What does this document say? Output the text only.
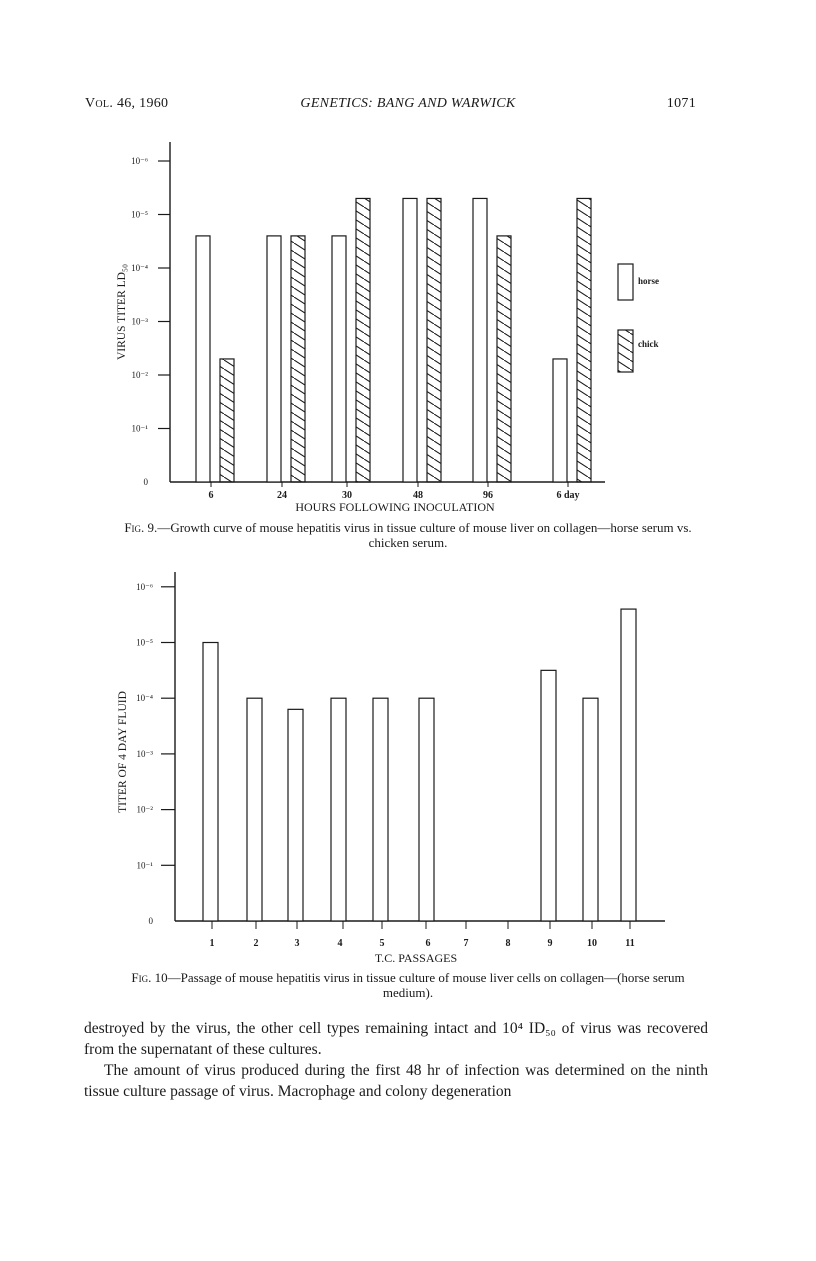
Vol. 46, 1960	GENETICS: BANG AND WARWICK	1071
0
10⁻¹
10⁻²
10⁻³
10⁻⁴
10⁻⁵
10⁻⁶
VIRUS TITER LD₅₀
6	24	30	48	96	6 day
HOURS FOLLOWING INOCULATION
horse
chick
Fig. 9.—Growth curve of mouse hepatitis virus in tissue culture of mouse liver on collagen—horse serum vs. chicken serum.
0
10⁻¹
10⁻²
10⁻³
10⁻⁴
10⁻⁵
10⁻⁶
TITER OF 4 DAY FLUID
1	2	3	4	5	6	7	8	9	10	11
T.C. PASSAGES
Fig. 10—Passage of mouse hepatitis virus in tissue culture of mouse liver cells on collagen—(horse serum medium).

destroyed by the virus, the other cell types remaining intact and 10⁴ ID₅₀ of virus was recovered from the supernatant of these cultures.

The amount of virus produced during the first 48 hr of infection was determined on the ninth tissue culture passage of virus. Macrophage and colony degeneration
